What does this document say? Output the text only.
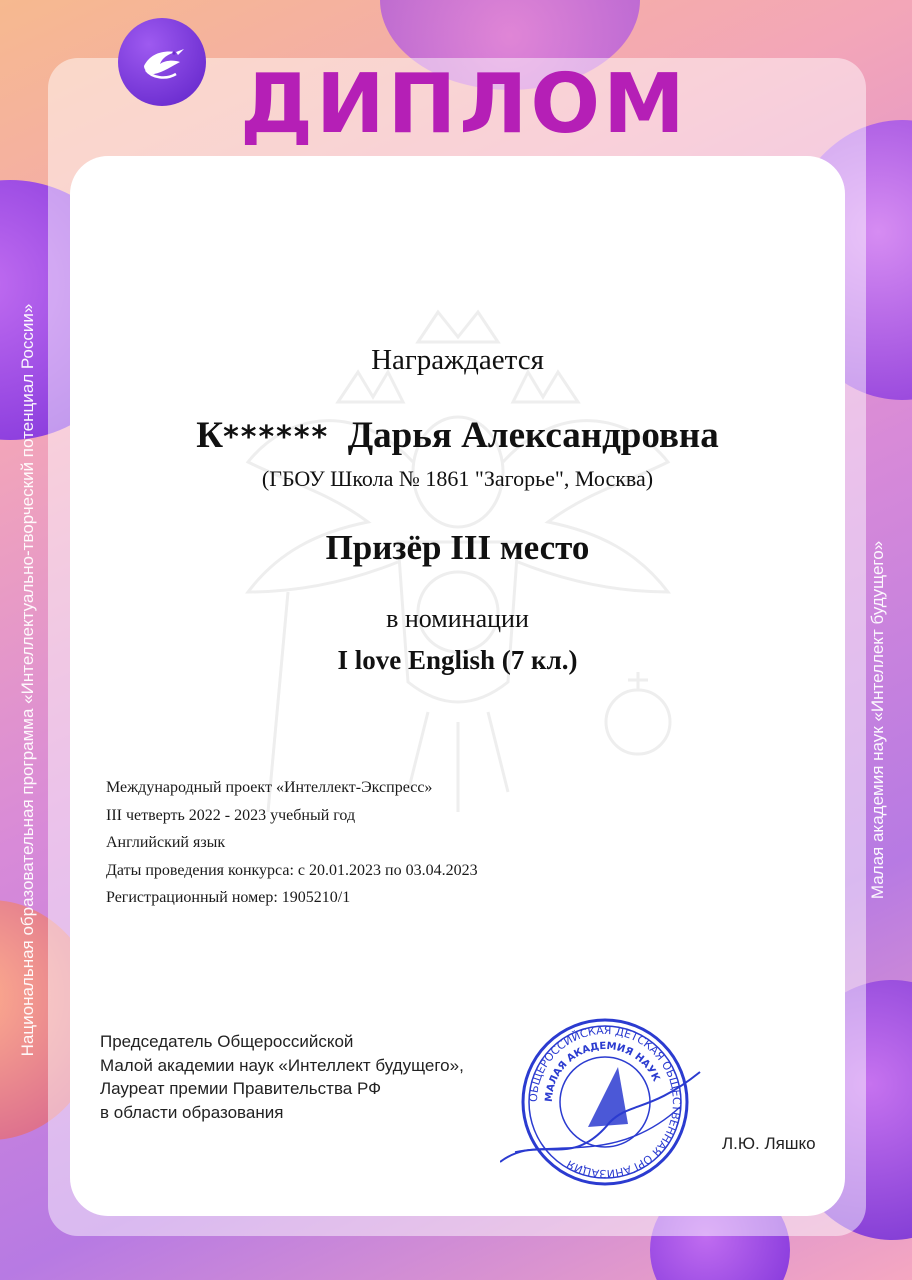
ДИПЛОМ
Национальная образовательная программа «Интеллектуально-творческий потенциал России»	Малая академия наук «Интеллект будущего»
Награждается
К****** Дарья Александровна
(ГБОУ Школа № 1861 "Загорье", Москва)
Призёр III место
в номинации
I love English (7 кл.)
Международный проект «Интеллект-Экспресс»
III четверть 2022 - 2023 учебный год
Английский язык
Даты проведения конкурса: с 20.01.2023 по 03.04.2023
Регистрационный номер: 1905210/1
Председатель Общероссийской
Малой академии наук «Интеллект будущего»,
Лауреат премии Правительства РФ
в области образования
ОБЩЕРОССИЙСКАЯ ДЕТСКАЯ ОБЩЕСТВЕННАЯ ОРГАНИЗАЦИЯ
МАЛАЯ АКАДЕМИЯ НАУК
Л.Ю. Ляшко
